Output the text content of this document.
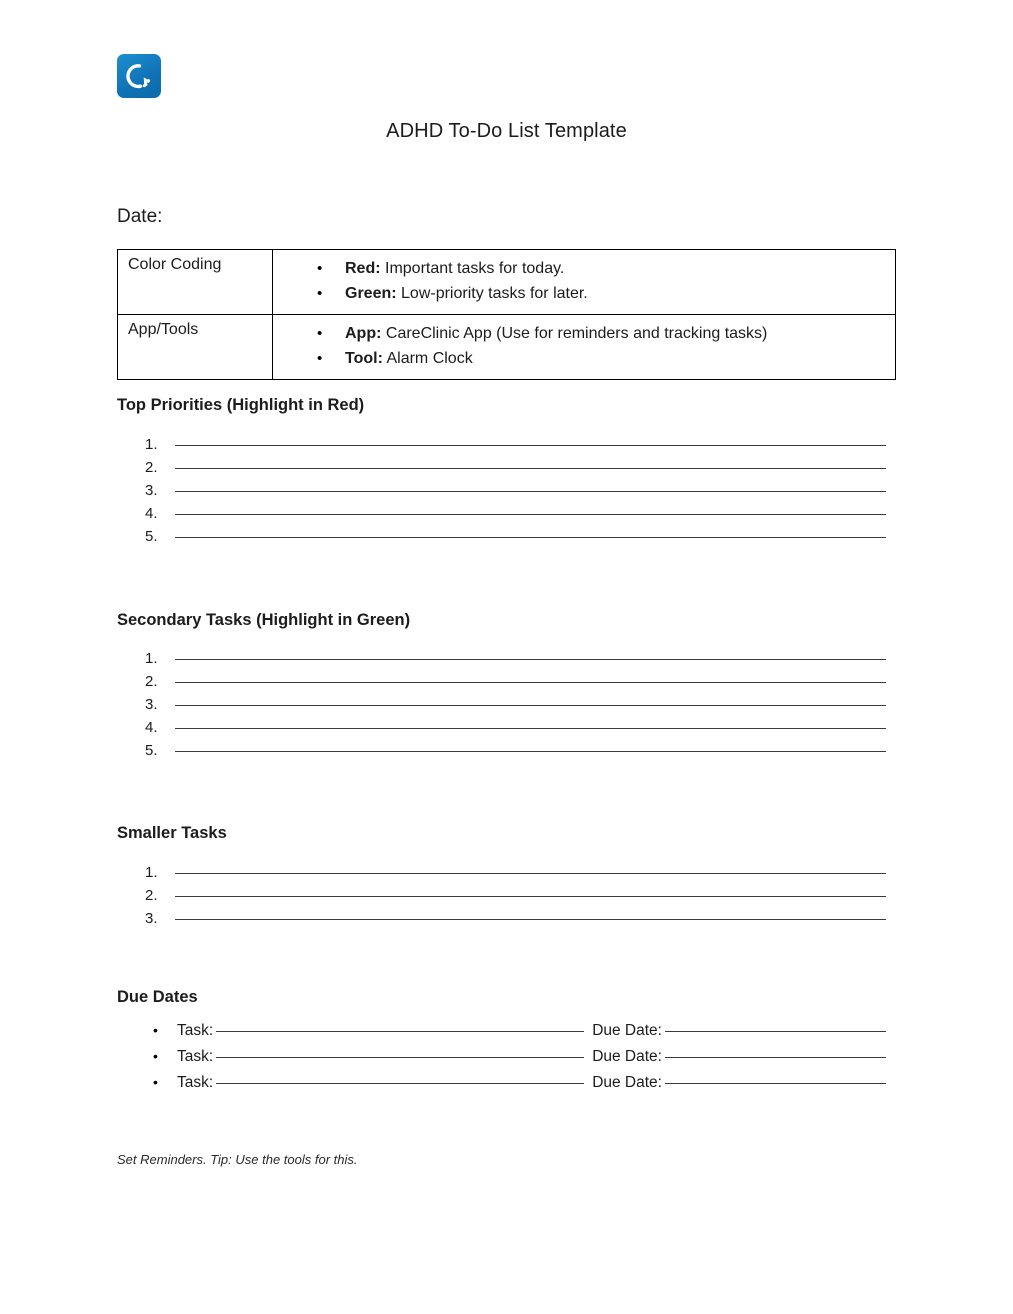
ADHD To-Do List Template
Date:
Color Coding	
•Red: Important tasks for today.
• Green: Low-priority tasks for later.

App/Tools	
•App: CareClinic App (Use for reminders and tracking tasks)
• Tool: Alarm Clock
Top Priorities (Highlight in Red)
1.
2.
3.
4.
5.
Secondary Tasks (Highlight in Green)
1.
2.
3.
4.
5.
Smaller Tasks
1.
2.
3.
Due Dates
• Task:	Due Date:
• Task:	Due Date:
• Task:	Due Date:
Set Reminders. Tip: Use the tools for this.
